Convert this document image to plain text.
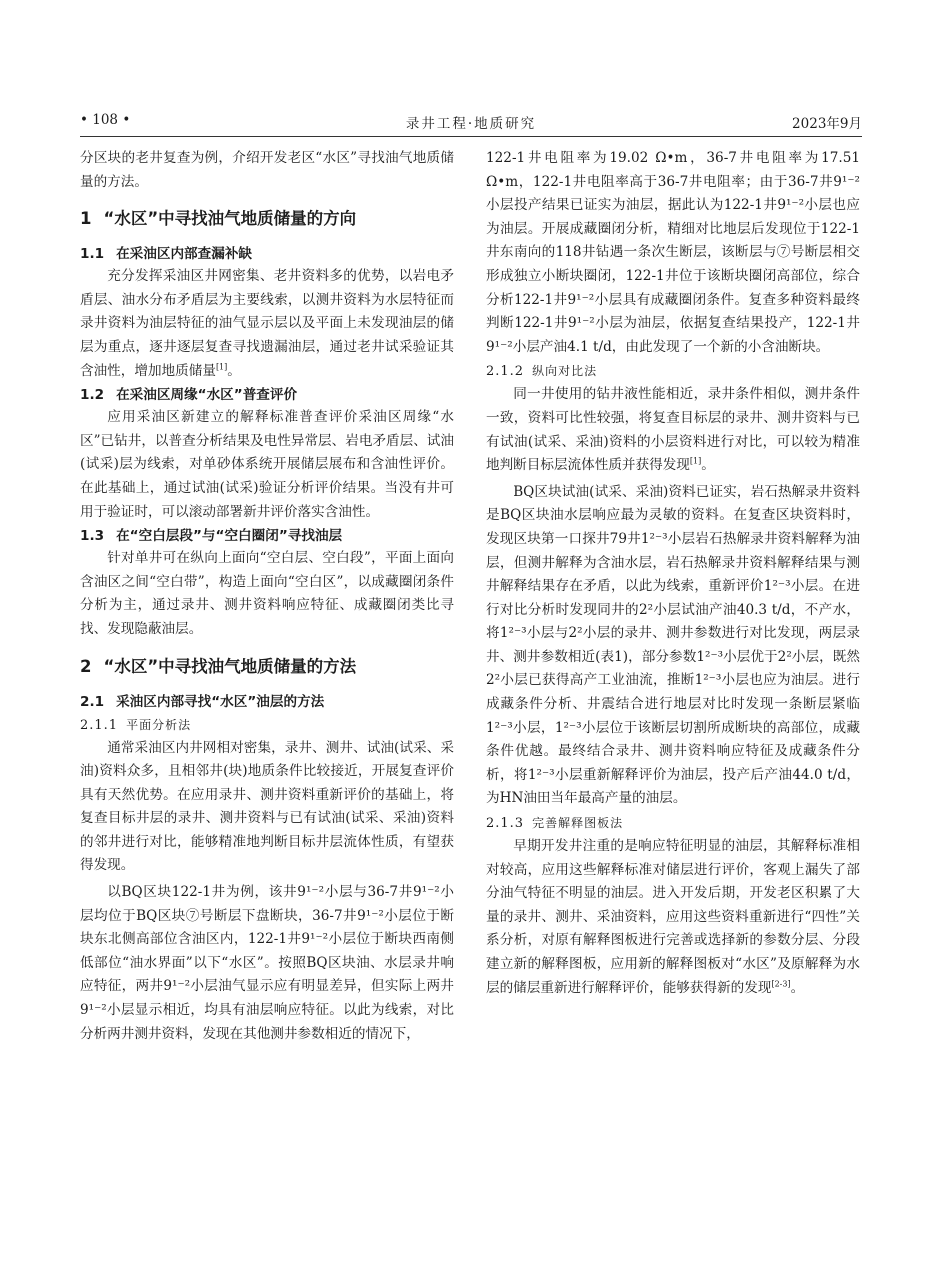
• 108 •	录井工程·地质研究	2023年9月

分区块的老井复查为例，介绍开发老区“水区”寻找油气地质储量的方法。

1 “水区”中寻找油气地质储量的方向
1.1 在采油区内部查漏补缺

充分发挥采油区井网密集、老井资料多的优势，以岩电矛盾层、油水分布矛盾层为主要线索，以测井资料为水层特征而录井资料为油层特征的油气显示层以及平面上未发现油层的储层为重点，逐井逐层复查寻找遗漏油层，通过老井试采验证其含油性，增加地质储量[1]。

1.2 在采油区周缘“水区”普查评价

应用采油区新建立的解释标准普查评价采油区周缘“水区”已钻井，以普查分析结果及电性异常层、岩电矛盾层、试油(试采)层为线索，对单砂体系统开展储层展布和含油性评价。在此基础上，通过试油(试采)验证分析评价结果。当没有井可用于验证时，可以滚动部署新井评价落实含油性。

1.3 在“空白层段”与“空白圈闭”寻找油层

针对单井可在纵向上面向“空白层、空白段”，平面上面向含油区之间“空白带”，构造上面向“空白区”，以成藏圈闭条件分析为主，通过录井、测井资料响应特征、成藏圈闭类比寻找、发现隐蔽油层。

2 “水区”中寻找油气地质储量的方法
2.1 采油区内部寻找“水区”油层的方法
2.1.1 平面分析法

通常采油区内井网相对密集，录井、测井、试油(试采、采油)资料众多，且相邻井(块)地质条件比较接近，开展复查评价具有天然优势。在应用录井、测井资料重新评价的基础上，将复查目标井层的录井、测井资料与已有试油(试采、采油)资料的邻井进行对比，能够精准地判断目标井层流体性质，有望获得发现。

以BQ区块122-1井为例，该井9¹⁻²小层与36-7井9¹⁻²小层均位于BQ区块⑦号断层下盘断块，36-7井9¹⁻²小层位于断块东北侧高部位含油区内，122-1井9¹⁻²小层位于断块西南侧低部位“油水界面”以下“水区”。按照BQ区块油、水层录井响应特征，两井9¹⁻²小层油气显示应有明显差异，但实际上两井9¹⁻²小层显示相近，均具有油层响应特征。以此为线索，对比分析两井测井资料，发现在其他测井参数相近的情况下，

122-1井电阻率为19.02 Ω•m，36-7井电阻率为17.51 Ω•m，122-1井电阻率高于36-7井电阻率；由于36-7井9¹⁻²小层投产结果已证实为油层，据此认为122-1井9¹⁻²小层也应为油层。开展成藏圈闭分析，精细对比地层后发现位于122-1井东南向的118井钻遇一条次生断层，该断层与⑦号断层相交形成独立小断块圈闭，122-1井位于该断块圈闭高部位，综合分析122-1井9¹⁻²小层具有成藏圈闭条件。复查多种资料最终判断122-1井9¹⁻²小层为油层，依据复查结果投产，122-1井9¹⁻²小层产油4.1 t/d，由此发现了一个新的小含油断块。

2.1.2 纵向对比法

同一井使用的钻井液性能相近，录井条件相似，测井条件一致，资料可比性较强，将复查目标层的录井、测井资料与已有试油(试采、采油)资料的小层资料进行对比，可以较为精准地判断目标层流体性质并获得发现[1]。

BQ区块试油(试采、采油)资料已证实，岩石热解录井资料是BQ区块油水层响应最为灵敏的资料。在复查区块资料时，发现区块第一口探井79井1²⁻³小层岩石热解录井资料解释为油层，但测井解释为含油水层，岩石热解录井资料解释结果与测井解释结果存在矛盾，以此为线索，重新评价1²⁻³小层。在进行对比分析时发现同井的2²小层试油产油40.3 t/d，不产水，将1²⁻³小层与2²小层的录井、测井参数进行对比发现，两层录井、测井参数相近(表1)，部分参数1²⁻³小层优于2²小层，既然2²小层已获得高产工业油流，推断1²⁻³小层也应为油层。进行成藏条件分析、井震结合进行地层对比时发现一条断层紧临1²⁻³小层，1²⁻³小层位于该断层切割所成断块的高部位，成藏条件优越。最终结合录井、测井资料响应特征及成藏条件分析，将1²⁻³小层重新解释评价为油层，投产后产油44.0 t/d，为HN油田当年最高产量的油层。

2.1.3 完善解释图板法

早期开发井注重的是响应特征明显的油层，其解释标准相对较高，应用这些解释标准对储层进行评价，客观上漏失了部分油气特征不明显的油层。进入开发后期，开发老区积累了大量的录井、测井、采油资料，应用这些资料重新进行“四性”关系分析，对原有解释图板进行完善或选择新的参数分层、分段建立新的解释图板，应用新的解释图板对“水区”及原解释为水层的储层重新进行解释评价，能够获得新的发现[2-3]。
